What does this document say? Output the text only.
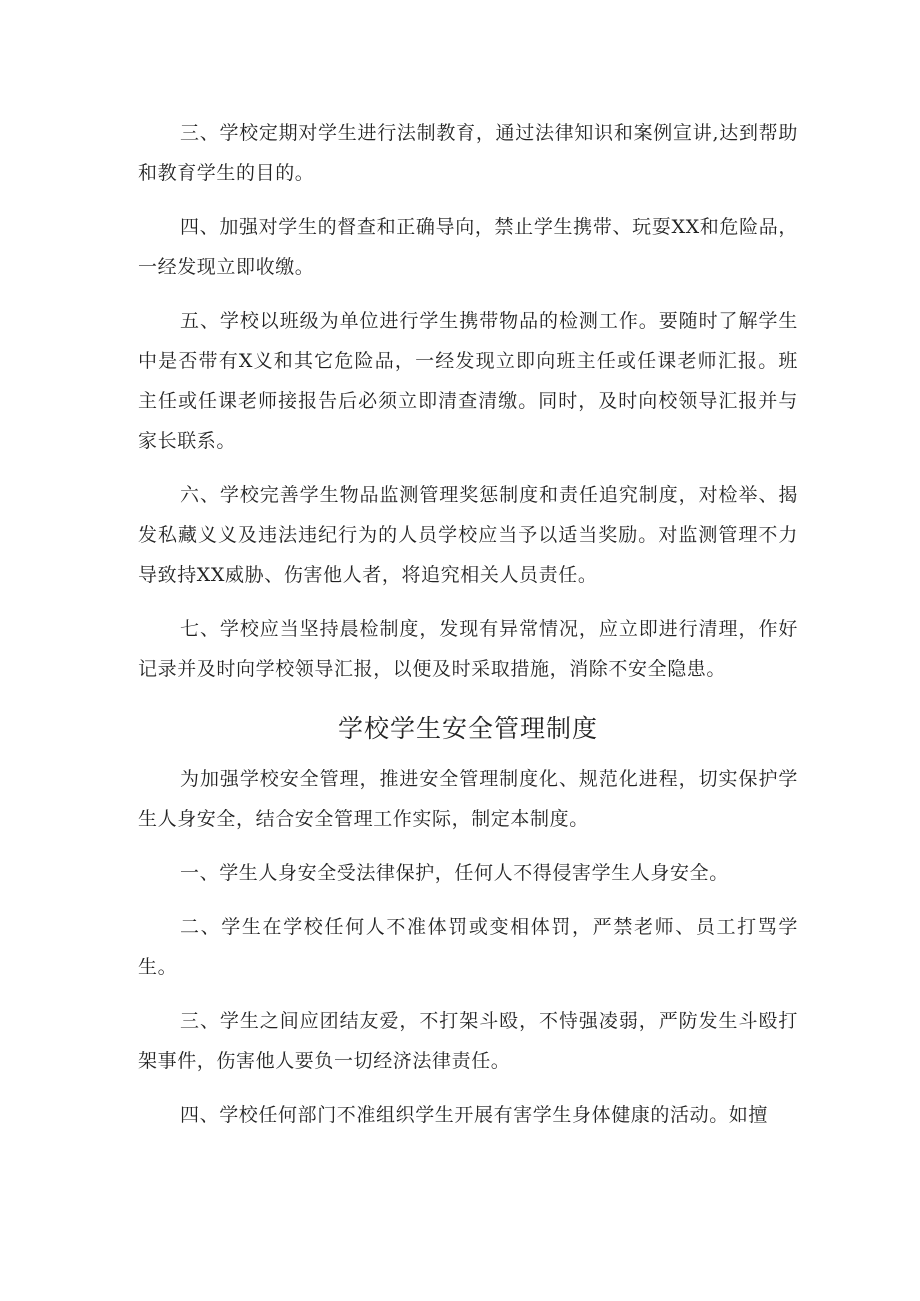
三、学校定期对学生进行法制教育，通过法律知识和案例宣讲,达到帮助和教育学生的目的。

四、加强对学生的督查和正确导向，禁止学生携带、玩耍XX和危险品，一经发现立即收缴。

五、学校以班级为单位进行学生携带物品的检测工作。要随时了解学生中是否带有X义和其它危险品，一经发现立即向班主任或任课老师汇报。班主任或任课老师接报告后必须立即清查清缴。同时，及时向校领导汇报并与家长联系。

六、学校完善学生物品监测管理奖惩制度和责任追究制度，对检举、揭发私藏义义及违法违纪行为的人员学校应当予以适当奖励。对监测管理不力导致持XX威胁、伤害他人者，将追究相关人员责任。

七、学校应当坚持晨检制度，发现有异常情况，应立即进行清理，作好记录并及时向学校领导汇报，以便及时采取措施，消除不安全隐患。

学校学生安全管理制度

为加强学校安全管理，推进安全管理制度化、规范化进程，切实保护学生人身安全，结合安全管理工作实际，制定本制度。

一、学生人身安全受法律保护，任何人不得侵害学生人身安全。

二、学生在学校任何人不准体罚或变相体罚，严禁老师、员工打骂学生。

三、学生之间应团结友爱，不打架斗殴，不恃强凌弱，严防发生斗殴打架事件，伤害他人要负一切经济法律责任。

四、学校任何部门不准组织学生开展有害学生身体健康的活动。如擅
